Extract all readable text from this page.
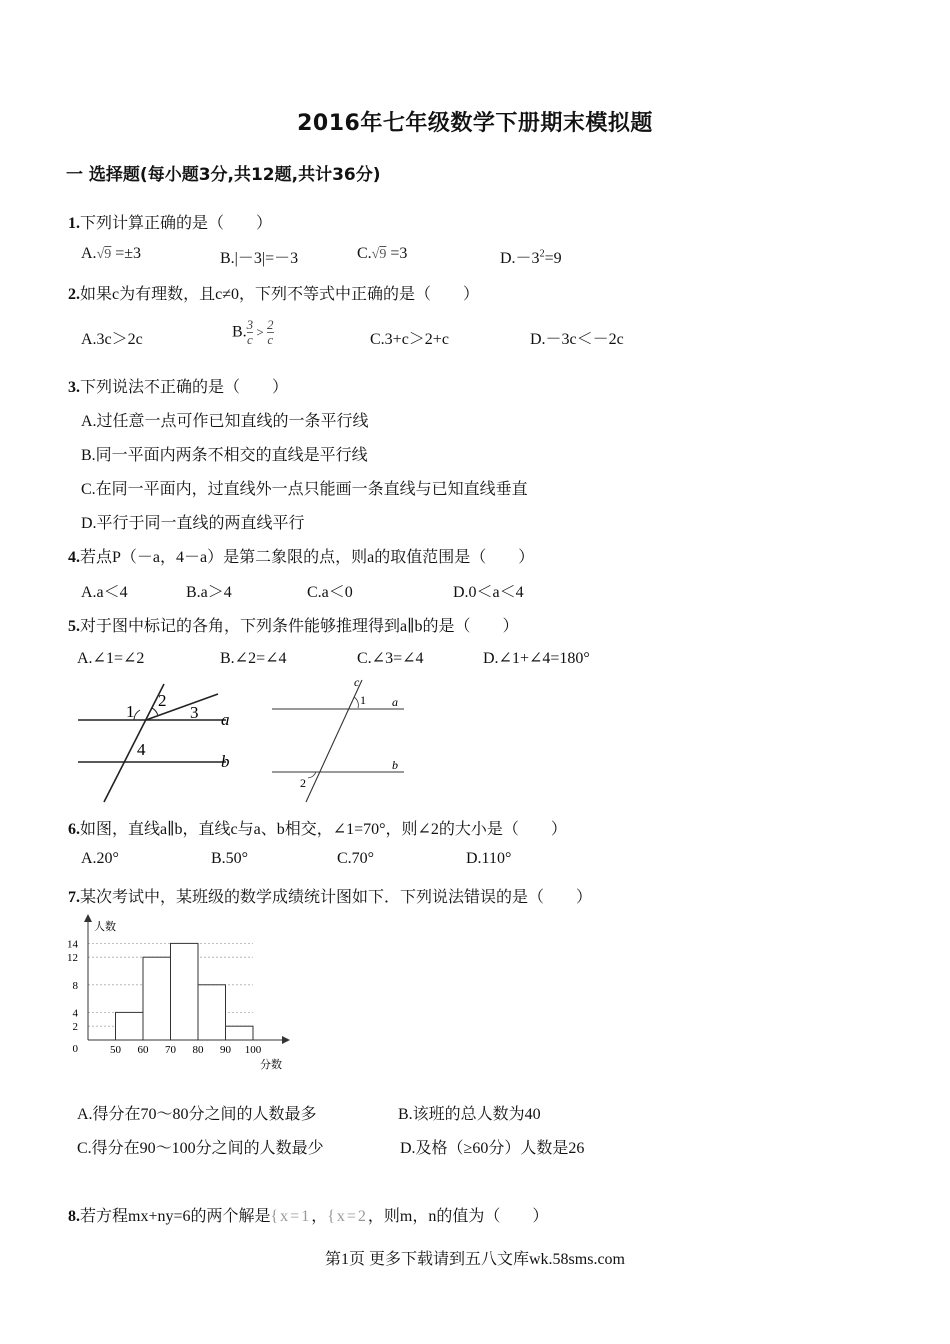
2016年七年级数学下册期末模拟题
一 选择题(每小题3分,共12题,共计36分)
1.下列计算正确的是（　　）
A.√9 =±3	B.|－3|=－3	C.√9 =3	$D.-3^2=9$
2.如果c为有理数，且c≠0，下列不等式中正确的是（　　）
A.3c＞2c	B. $\frac{3}{c} > \frac{2}{c}$	C.3+c＞2+c	D.－3c＜－2c
3.下列说法不正确的是（　　）
A.过任意一点可作已知直线的一条平行线
B.同一平面内两条不相交的直线是平行线
C.在同一平面内，过直线外一点只能画一条直线与已知直线垂直
D.平行于同一直线的两直线平行
4.若点P（－a，4－a）是第二象限的点，则a的取值范围是（　　）
A.a＜4	B.a＞4	C.a＜0	D.0＜a＜4
5.对于图中标记的各角，下列条件能够推理得到a∥b的是（　　）
A.∠1=∠2	B.∠2=∠4	C.∠3=∠4	D.∠1+∠4=180°
1
2
3
4
a
b
c
1 a
b
2
6.如图，直线a∥b，直线c与a、b相交，∠1=70°，则∠2的大小是（　　）
A.20°	B.50°	C.70°	D.110°
7.某次考试中，某班级的数学成绩统计图如下．下列说法错误的是（　　）
0
2
4
8
12
14
50 60 70 80 90 100
人数
分数
A.得分在70～80分之间的人数最多	B.该班的总人数为40
C.得分在90～100分之间的人数最少	D.及格（≥60分）人数是26
8.若方程mx+ny=6的两个解是{x=1，{x=2，则m，n的值为（　　）
第1页 更多下载请到五八文库wk.58sms.com
